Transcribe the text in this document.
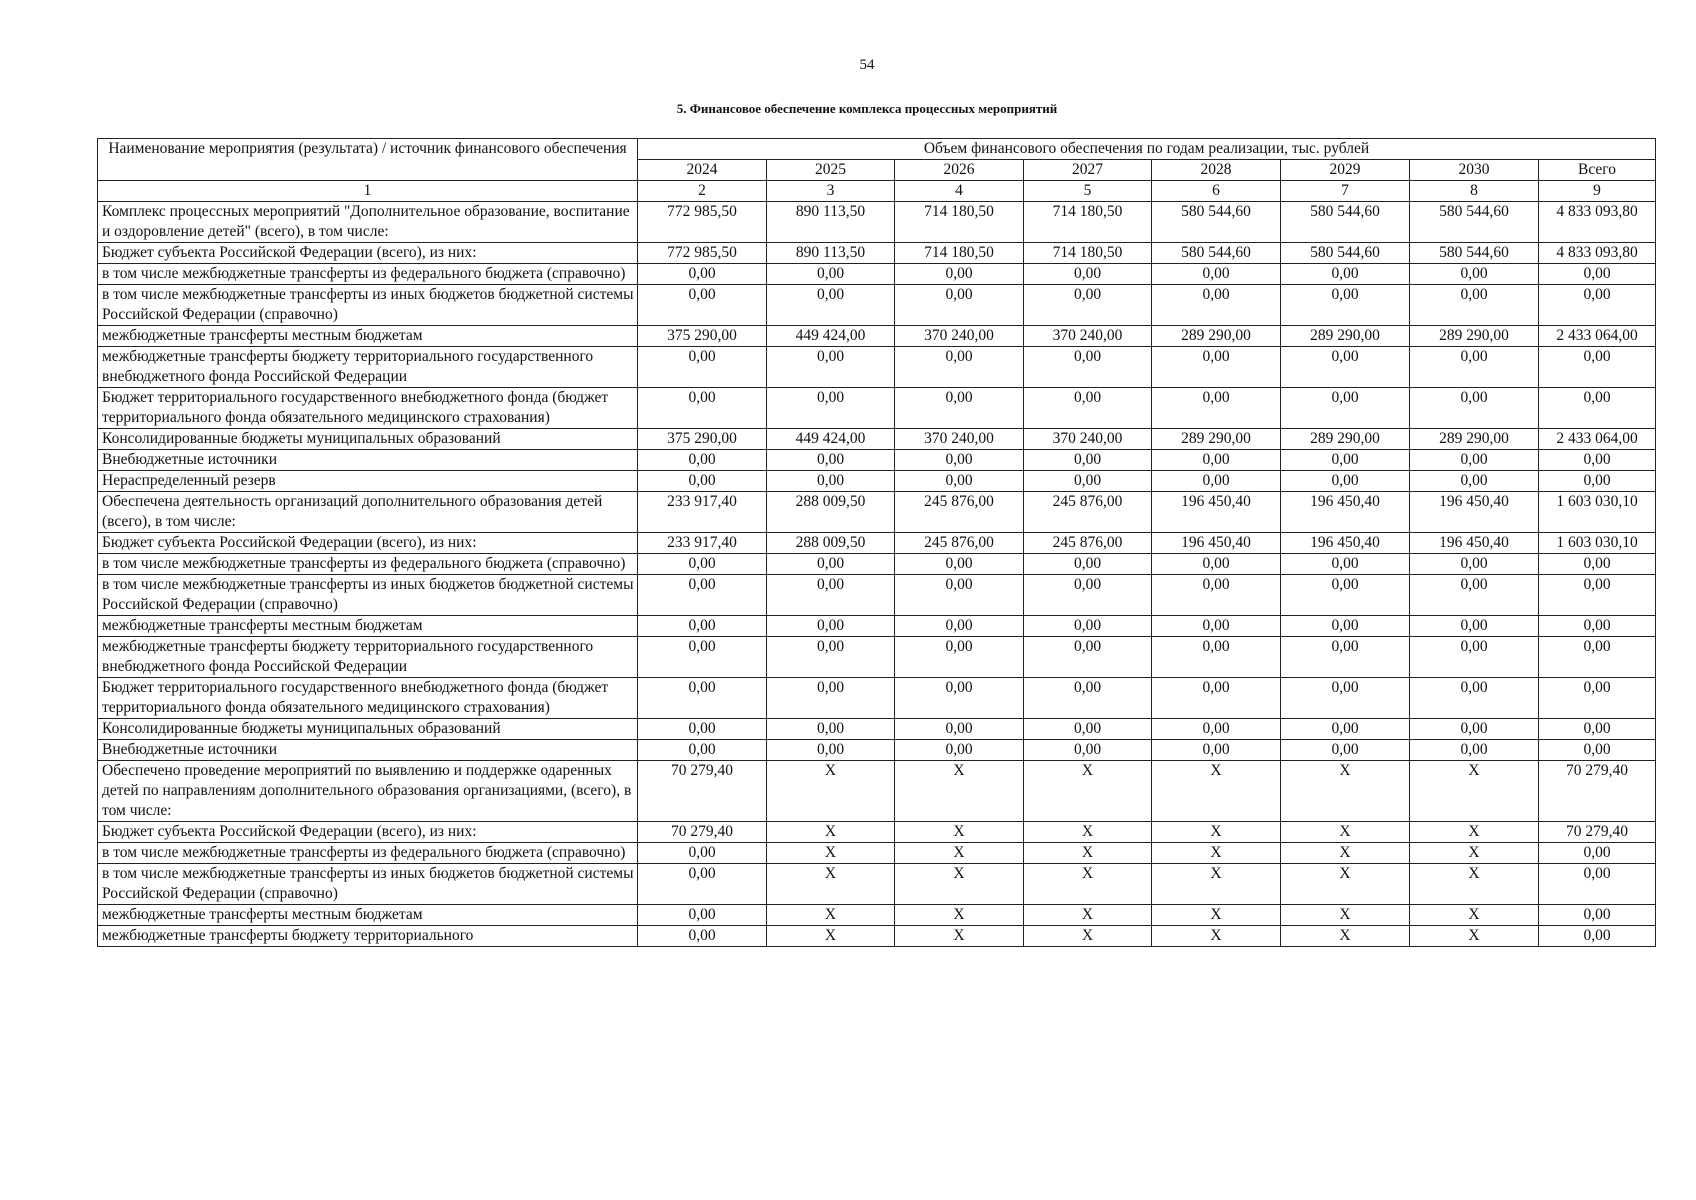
54
5. Финансовое обеспечение комплекса процессных мероприятий
Наименование мероприятия (результата) / источник финансового обеспечения	Объем финансового обеспечения по годам реализации, тыс. рублей							
	2024	2025	2026	2027	2028	2029	2030	Всего
1	2	3	4	5	6	7	8	9
Комплекс процессных мероприятий "Дополнительное образование, воспитание и оздоровление детей" (всего), в том числе:	772 985,50	890 113,50	714 180,50	714 180,50	580 544,60	580 544,60	580 544,60	4 833 093,80
Бюджет субъекта Российской Федерации (всего), из них:	772 985,50	890 113,50	714 180,50	714 180,50	580 544,60	580 544,60	580 544,60	4 833 093,80
в том числе межбюджетные трансферты из федерального бюджета (справочно)	0,00	0,00	0,00	0,00	0,00	0,00	0,00	0,00
в том числе межбюджетные трансферты из иных бюджетов бюджетной системы Российской Федерации (справочно)	0,00	0,00	0,00	0,00	0,00	0,00	0,00	0,00
межбюджетные трансферты местным бюджетам	375 290,00	449 424,00	370 240,00	370 240,00	289 290,00	289 290,00	289 290,00	2 433 064,00
межбюджетные трансферты бюджету территориального государственного внебюджетного фонда Российской Федерации	0,00	0,00	0,00	0,00	0,00	0,00	0,00	0,00
Бюджет территориального государственного внебюджетного фонда (бюджет территориального фонда обязательного медицинского страхования)	0,00	0,00	0,00	0,00	0,00	0,00	0,00	0,00
Консолидированные бюджеты муниципальных образований	375 290,00	449 424,00	370 240,00	370 240,00	289 290,00	289 290,00	289 290,00	2 433 064,00
Внебюджетные источники	0,00	0,00	0,00	0,00	0,00	0,00	0,00	0,00
Нераспределенный резерв	0,00	0,00	0,00	0,00	0,00	0,00	0,00	0,00
Обеспечена деятельность организаций дополнительного образования детей (всего), в том числе:	233 917,40	288 009,50	245 876,00	245 876,00	196 450,40	196 450,40	196 450,40	1 603 030,10
Бюджет субъекта Российской Федерации (всего), из них:	233 917,40	288 009,50	245 876,00	245 876,00	196 450,40	196 450,40	196 450,40	1 603 030,10
в том числе межбюджетные трансферты из федерального бюджета (справочно)	0,00	0,00	0,00	0,00	0,00	0,00	0,00	0,00
в том числе межбюджетные трансферты из иных бюджетов бюджетной системы Российской Федерации (справочно)	0,00	0,00	0,00	0,00	0,00	0,00	0,00	0,00
межбюджетные трансферты местным бюджетам	0,00	0,00	0,00	0,00	0,00	0,00	0,00	0,00
межбюджетные трансферты бюджету территориального государственного внебюджетного фонда Российской Федерации	0,00	0,00	0,00	0,00	0,00	0,00	0,00	0,00
Бюджет территориального государственного внебюджетного фонда (бюджет территориального фонда обязательного медицинского страхования)	0,00	0,00	0,00	0,00	0,00	0,00	0,00	0,00
Консолидированные бюджеты муниципальных образований	0,00	0,00	0,00	0,00	0,00	0,00	0,00	0,00
Внебюджетные источники	0,00	0,00	0,00	0,00	0,00	0,00	0,00	0,00
Обеспечено проведение мероприятий по выявлению и поддержке одаренных детей по направлениям дополнительного образования организациями, (всего), в том числе:	70 279,40	X	X	X	X	X	X	70 279,40
Бюджет субъекта Российской Федерации (всего), из них:	70 279,40	X	X	X	X	X	X	70 279,40
в том числе межбюджетные трансферты из федерального бюджета (справочно)	0,00	X	X	X	X	X	X	0,00
в том числе межбюджетные трансферты из иных бюджетов бюджетной системы Российской Федерации (справочно)	0,00	X	X	X	X	X	X	0,00
межбюджетные трансферты местным бюджетам	0,00	X	X	X	X	X	X	0,00
межбюджетные трансферты бюджету территориального	0,00	X	X	X	X	X	X	0,00
